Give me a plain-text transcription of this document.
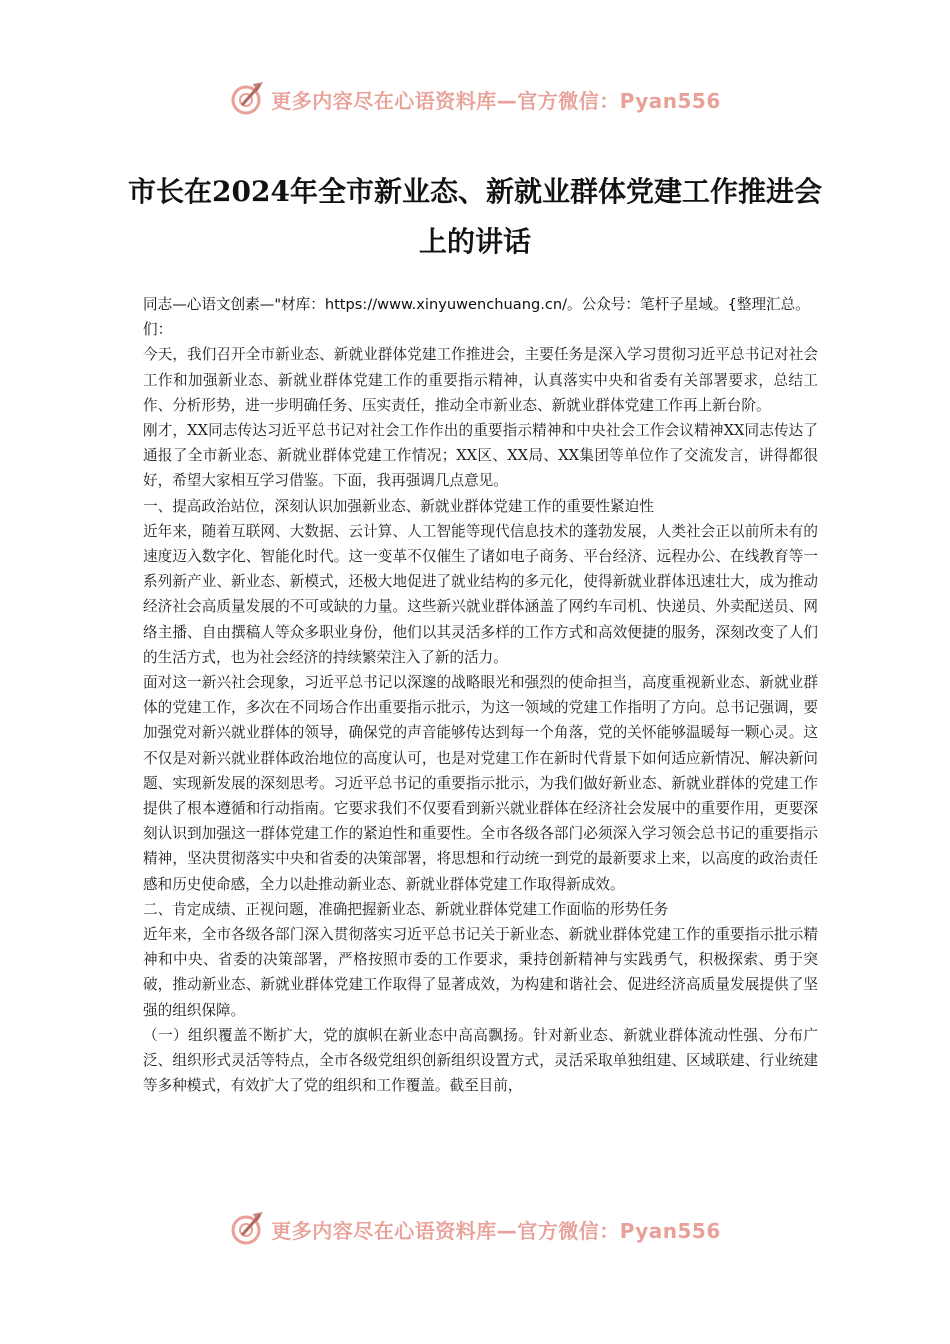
更多内容尽在心语资料库—官方微信：Pyan556
市长在2024年全市新业态、新就业群体党建工作推进会上的讲话
同志—心语文创素—"材库：https://www.xinyuwenchuang.cn/。公众号：笔杆子星域。{整理汇总。们：

今天，我们召开全市新业态、新就业群体党建工作推进会，主要任务是深入学习贯彻习近平总书记对社会工作和加强新业态、新就业群体党建工作的重要指示精神，认真落实中央和省委有关部署要求，总结工作、分析形势，进一步明确任务、压实责任，推动全市新业态、新就业群体党建工作再上新台阶。

刚才，XX同志传达习近平总书记对社会工作作出的重要指示精神和中央社会工作会议精神XX同志传达了通报了全市新业态、新就业群体党建工作情况；XX区、XX局、XX集团等单位作了交流发言，讲得都很好，希望大家相互学习借鉴。下面，我再强调几点意见。

一、提高政治站位，深刻认识加强新业态、新就业群体党建工作的重要性紧迫性

近年来，随着互联网、大数据、云计算、人工智能等现代信息技术的蓬勃发展，人类社会正以前所未有的速度迈入数字化、智能化时代。这一变革不仅催生了诸如电子商务、平台经济、远程办公、在线教育等一系列新产业、新业态、新模式，还极大地促进了就业结构的多元化，使得新就业群体迅速壮大，成为推动经济社会高质量发展的不可或缺的力量。这些新兴就业群体涵盖了网约车司机、快递员、外卖配送员、网络主播、自由撰稿人等众多职业身份，他们以其灵活多样的工作方式和高效便捷的服务，深刻改变了人们的生活方式，也为社会经济的持续繁荣注入了新的活力。

面对这一新兴社会现象，习近平总书记以深邃的战略眼光和强烈的使命担当，高度重视新业态、新就业群体的党建工作，多次在不同场合作出重要指示批示，为这一领域的党建工作指明了方向。总书记强调，要加强党对新兴就业群体的领导，确保党的声音能够传达到每一个角落，党的关怀能够温暖每一颗心灵。这不仅是对新兴就业群体政治地位的高度认可，也是对党建工作在新时代背景下如何适应新情况、解决新问题、实现新发展的深刻思考。习近平总书记的重要指示批示，为我们做好新业态、新就业群体的党建工作提供了根本遵循和行动指南。它要求我们不仅要看到新兴就业群体在经济社会发展中的重要作用，更要深刻认识到加强这一群体党建工作的紧迫性和重要性。全市各级各部门必须深入学习领会总书记的重要指示精神，坚决贯彻落实中央和省委的决策部署，将思想和行动统一到党的最新要求上来，以高度的政治责任感和历史使命感，全力以赴推动新业态、新就业群体党建工作取得新成效。

二、肯定成绩、正视问题，准确把握新业态、新就业群体党建工作面临的形势任务

近年来，全市各级各部门深入贯彻落实习近平总书记关于新业态、新就业群体党建工作的重要指示批示精神和中央、省委的决策部署，严格按照市委的工作要求，秉持创新精神与实践勇气，积极探索、勇于突破，推动新业态、新就业群体党建工作取得了显著成效，为构建和谐社会、促进经济高质量发展提供了坚强的组织保障。

（一）组织覆盖不断扩大，党的旗帜在新业态中高高飘扬。针对新业态、新就业群体流动性强、分布广泛、组织形式灵活等特点，全市各级党组织创新组织设置方式，灵活采取单独组建、区域联建、行业统建等多种模式，有效扩大了党的组织和工作覆盖。截至目前，

更多内容尽在心语资料库—官方微信：Pyan556
